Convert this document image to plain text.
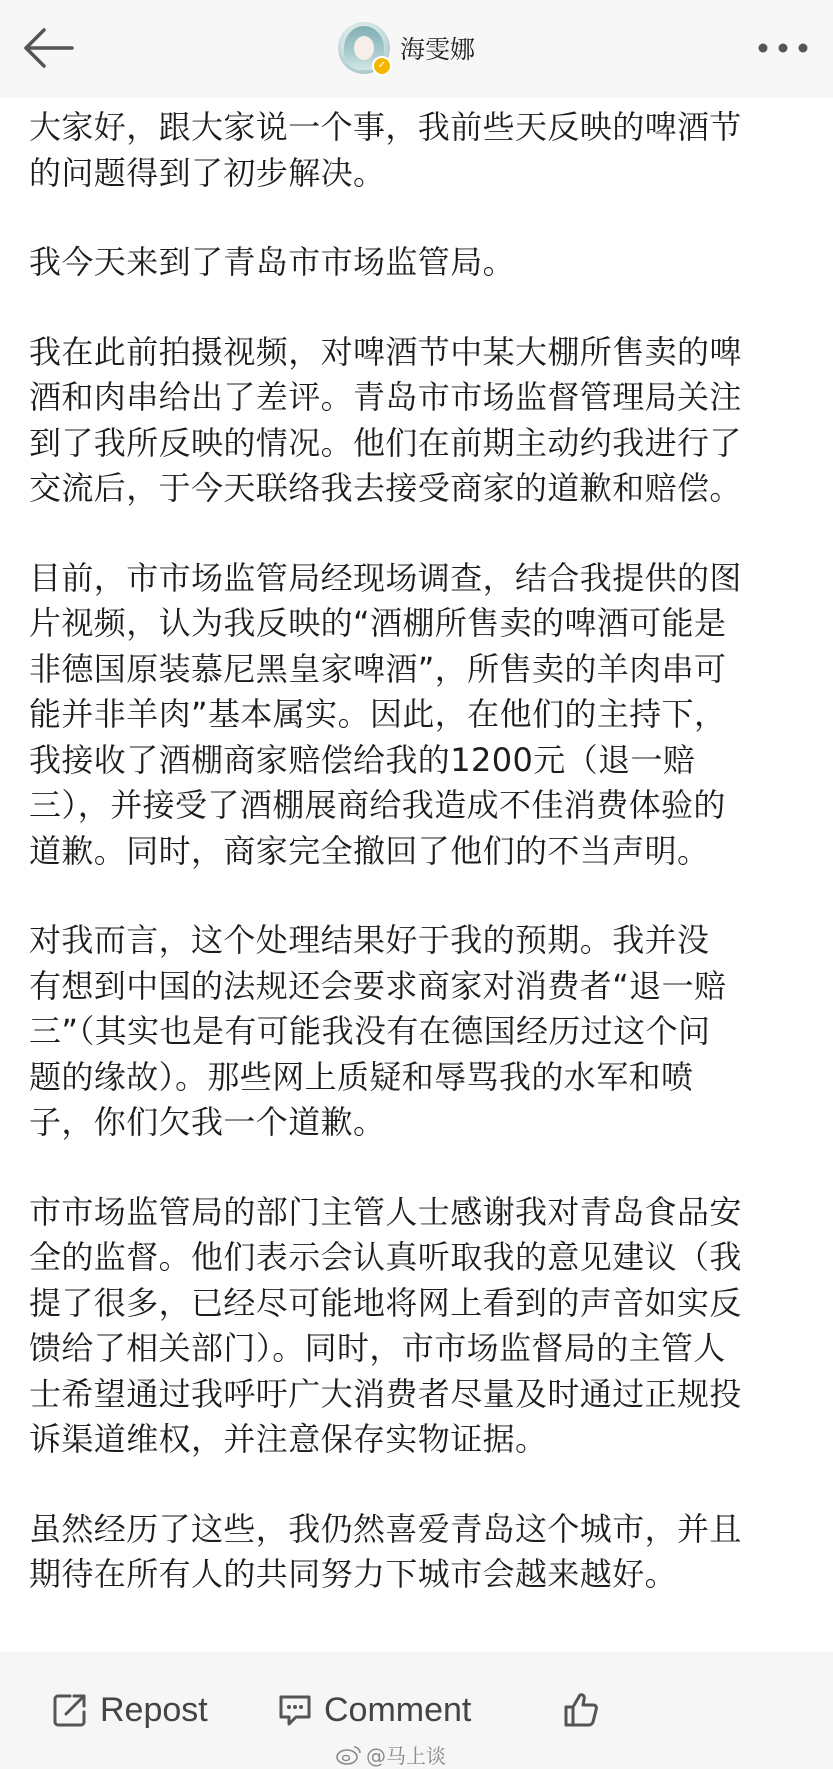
✓
海雯娜

大家好，跟大家说一个事，我前些天反映的啤酒节
的问题得到了初步解决。

我今天来到了青岛市市场监管局。

我在此前拍摄视频，对啤酒节中某大棚所售卖的啤
酒和肉串给出了差评。青岛市市场监督管理局关注
到了我所反映的情况。他们在前期主动约我进行了
交流后，于今天联络我去接受商家的道歉和赔偿。

目前，市市场监管局经现场调查，结合我提供的图
片视频，认为我反映的“酒棚所售卖的啤酒可能是
非德国原装慕尼黑皇家啤酒”，所售卖的羊肉串可
能并非羊肉”基本属实。因此，在他们的主持下，
我接收了酒棚商家赔偿给我的1200元（退一赔
三），并接受了酒棚展商给我造成不佳消费体验的
道歉。同时，商家完全撤回了他们的不当声明。

对我而言，这个处理结果好于我的预期。我并没
有想到中国的法规还会要求商家对消费者“退一赔
三”（其实也是有可能我没有在德国经历过这个问
题的缘故）。那些网上质疑和辱骂我的水军和喷
子，你们欠我一个道歉。

市市场监管局的部门主管人士感谢我对青岛食品安
全的监督。他们表示会认真听取我的意见建议（我
提了很多，已经尽可能地将网上看到的声音如实反
馈给了相关部门）。同时，市市场监督局的主管人
士希望通过我呼吁广大消费者尽量及时通过正规投
诉渠道维权，并注意保存实物证据。

虽然经历了这些，我仍然喜爱青岛这个城市，并且
期待在所有人的共同努力下城市会越来越好。

Repost	Comment
@马上谈
